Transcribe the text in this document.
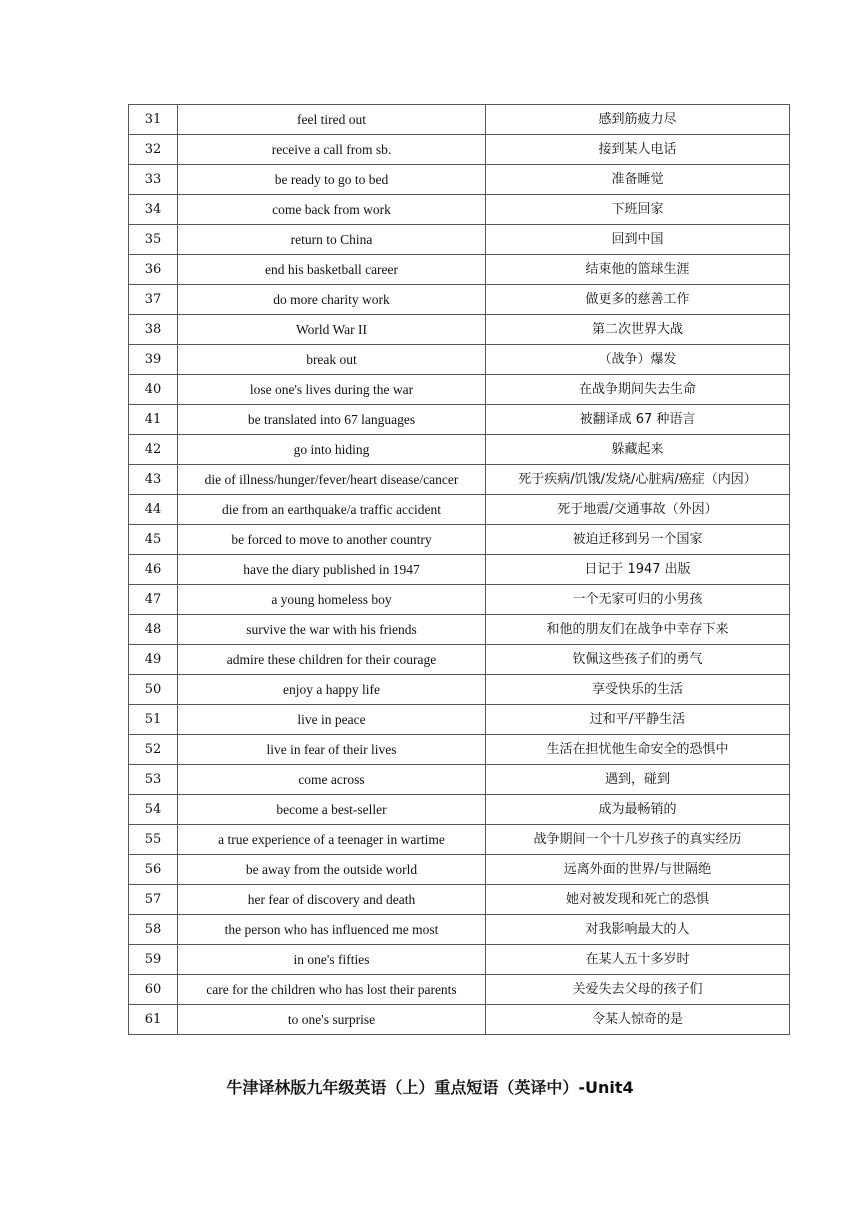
31	feel tired out	感到筋疲力尽
32	receive a call from sb.	接到某人电话
33	be ready to go to bed	准备睡觉
34	come back from work	下班回家
35	return to China	回到中国
36	end his basketball career	结束他的篮球生涯
37	do more charity work	做更多的慈善工作
38	World War II	第二次世界大战
39	break out	（战争）爆发
40	lose one's lives during the war	在战争期间失去生命
41	be translated into 67 languages	被翻译成 67 种语言
42	go into hiding	躲藏起来
43	die of illness/hunger/fever/heart disease/cancer	死于疾病/饥饿/发烧/心脏病/癌症（内因）
44	die from an earthquake/a traffic accident	死于地震/交通事故（外因）
45	be forced to move to another country	被迫迁移到另一个国家
46	have the diary published in 1947	日记于 1947 出版
47	a young homeless boy	一个无家可归的小男孩
48	survive the war with his friends	和他的朋友们在战争中幸存下来
49	admire these children for their courage	钦佩这些孩子们的勇气
50	enjoy a happy life	享受快乐的生活
51	live in peace	过和平/平静生活
52	live in fear of their lives	生活在担忧他生命安全的恐惧中
53	come across	遇到，碰到
54	become a best-seller	成为最畅销的
55	a true experience of a teenager in wartime	战争期间一个十几岁孩子的真实经历
56	be away from the outside world	远离外面的世界/与世隔绝
57	her fear of discovery and death	她对被发现和死亡的恐惧
58	the person who has influenced me most	对我影响最大的人
59	in one's fifties	在某人五十多岁时
60	care for the children who has lost their parents	关爱失去父母的孩子们
61	to one's surprise	令某人惊奇的是
牛津译林版九年级英语（上）重点短语（英译中）-Unit4
